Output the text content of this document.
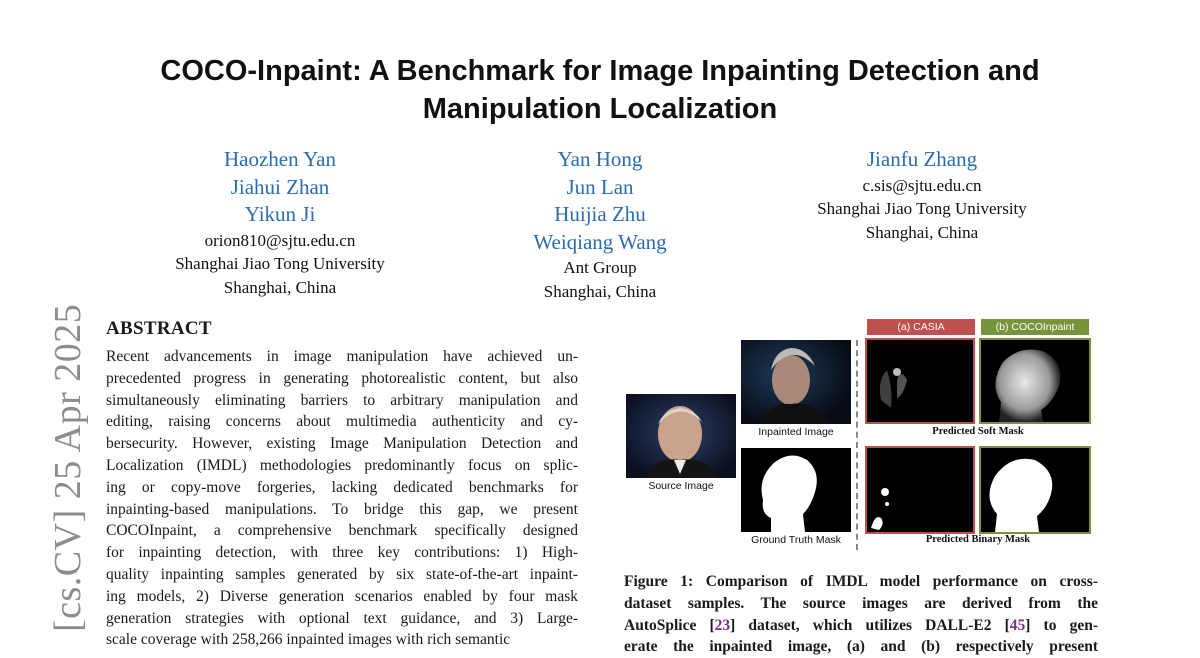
[cs.CV] 25 Apr 2025
COCO-Inpaint: A Benchmark for Image Inpainting Detection and
Manipulation Localization
Haozhen Yan
Jiahui Zhan
Yikun Ji
orion810@sjtu.edu.cn
Shanghai Jiao Tong University
Shanghai, China
Yan Hong
Jun Lan
Huijia Zhu
Weiqiang Wang
Ant Group
Shanghai, China
Jianfu Zhang
c.sis@sjtu.edu.cn
Shanghai Jiao Tong University
Shanghai, China
ABSTRACT
Recent advancements in image manipulation have achieved un-
precedented progress in generating photorealistic content, but also
simultaneously eliminating barriers to arbitrary manipulation and
editing, raising concerns about multimedia authenticity and cy-
bersecurity. However, existing Image Manipulation Detection and
Localization (IMDL) methodologies predominantly focus on splic-
ing or copy-move forgeries, lacking dedicated benchmarks for
inpainting-based manipulations. To bridge this gap, we present
COCOInpaint, a comprehensive benchmark specifically designed
for inpainting detection, with three key contributions: 1) High-
quality inpainting samples generated by six state-of-the-art inpaint-
ing models, 2) Diverse generation scenarios enabled by four mask
generation strategies with optional text guidance, and 3) Large-
scale coverage with 258,266 inpainted images with rich semantic
(a) CASIA	(b) COCOInpaint
Source Image
Inpainted Image
Ground Truth Mask
Predicted Soft Mask
Predicted Binary Mask
Figure 1: Comparison of IMDL model performance on cross-
dataset samples. The source images are derived from the
AutoSplice [23] dataset, which utilizes DALL-E2 [45] to gen-
erate the inpainted image, (a) and (b) respectively present
